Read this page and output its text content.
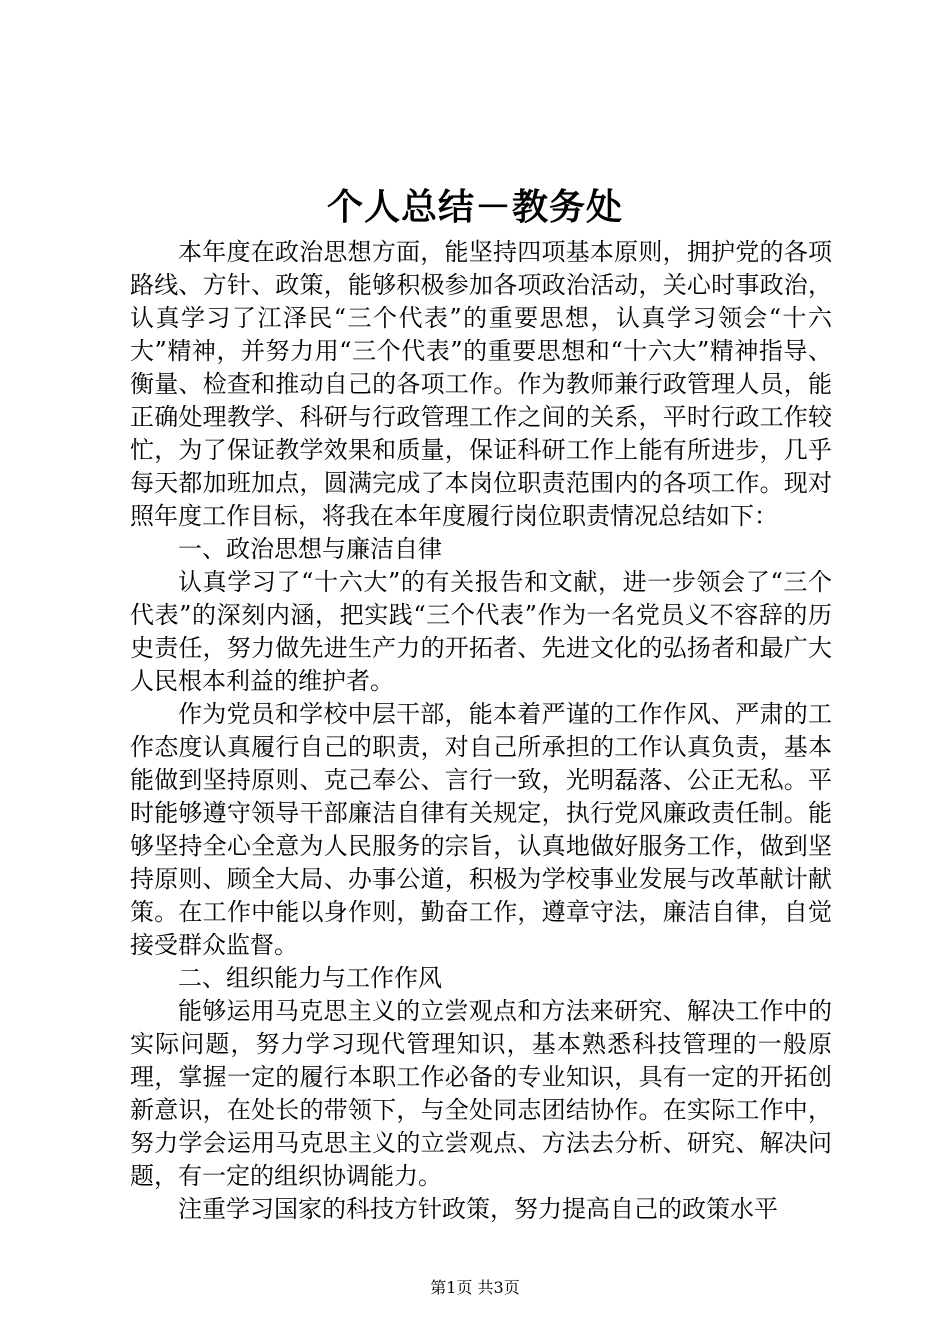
个人总结－教务处

本年度在政治思想方面，能坚持四项基本原则，拥护党的各项路线、方针、政策，能够积极参加各项政治活动，关心时事政治，认真学习了江泽民“三个代表”的重要思想，认真学习领会“十六大”精神，并努力用“三个代表”的重要思想和“十六大”精神指导、衡量、检查和推动自己的各项工作。作为教师兼行政管理人员，能正确处理教学、科研与行政管理工作之间的关系，平时行政工作较忙，为了保证教学效果和质量，保证科研工作上能有所进步，几乎每天都加班加点，圆满完成了本岗位职责范围内的各项工作。现对照年度工作目标，将我在本年度履行岗位职责情况总结如下：

一、政治思想与廉洁自律

认真学习了“十六大”的有关报告和文献，进一步领会了“三个代表”的深刻内涵，把实践“三个代表”作为一名党员义不容辞的历史责任，努力做先进生产力的开拓者、先进文化的弘扬者和最广大人民根本利益的维护者。

作为党员和学校中层干部，能本着严谨的工作作风、严肃的工作态度认真履行自己的职责，对自己所承担的工作认真负责，基本能做到坚持原则、克己奉公、言行一致，光明磊落、公正无私。平时能够遵守领导干部廉洁自律有关规定，执行党风廉政责任制。能够坚持全心全意为人民服务的宗旨，认真地做好服务工作，做到坚持原则、顾全大局、办事公道，积极为学校事业发展与改革献计献策。在工作中能以身作则，勤奋工作，遵章守法，廉洁自律，自觉接受群众监督。

二、组织能力与工作作风

能够运用马克思主义的立尝观点和方法来研究、解决工作中的实际问题，努力学习现代管理知识，基本熟悉科技管理的一般原理，掌握一定的履行本职工作必备的专业知识，具有一定的开拓创新意识，在处长的带领下，与全处同志团结协作。在实际工作中，努力学会运用马克思主义的立尝观点、方法去分析、研究、解决问题，有一定的组织协调能力。

注重学习国家的科技方针政策，努力提高自己的政策水平

第1页 共3页
